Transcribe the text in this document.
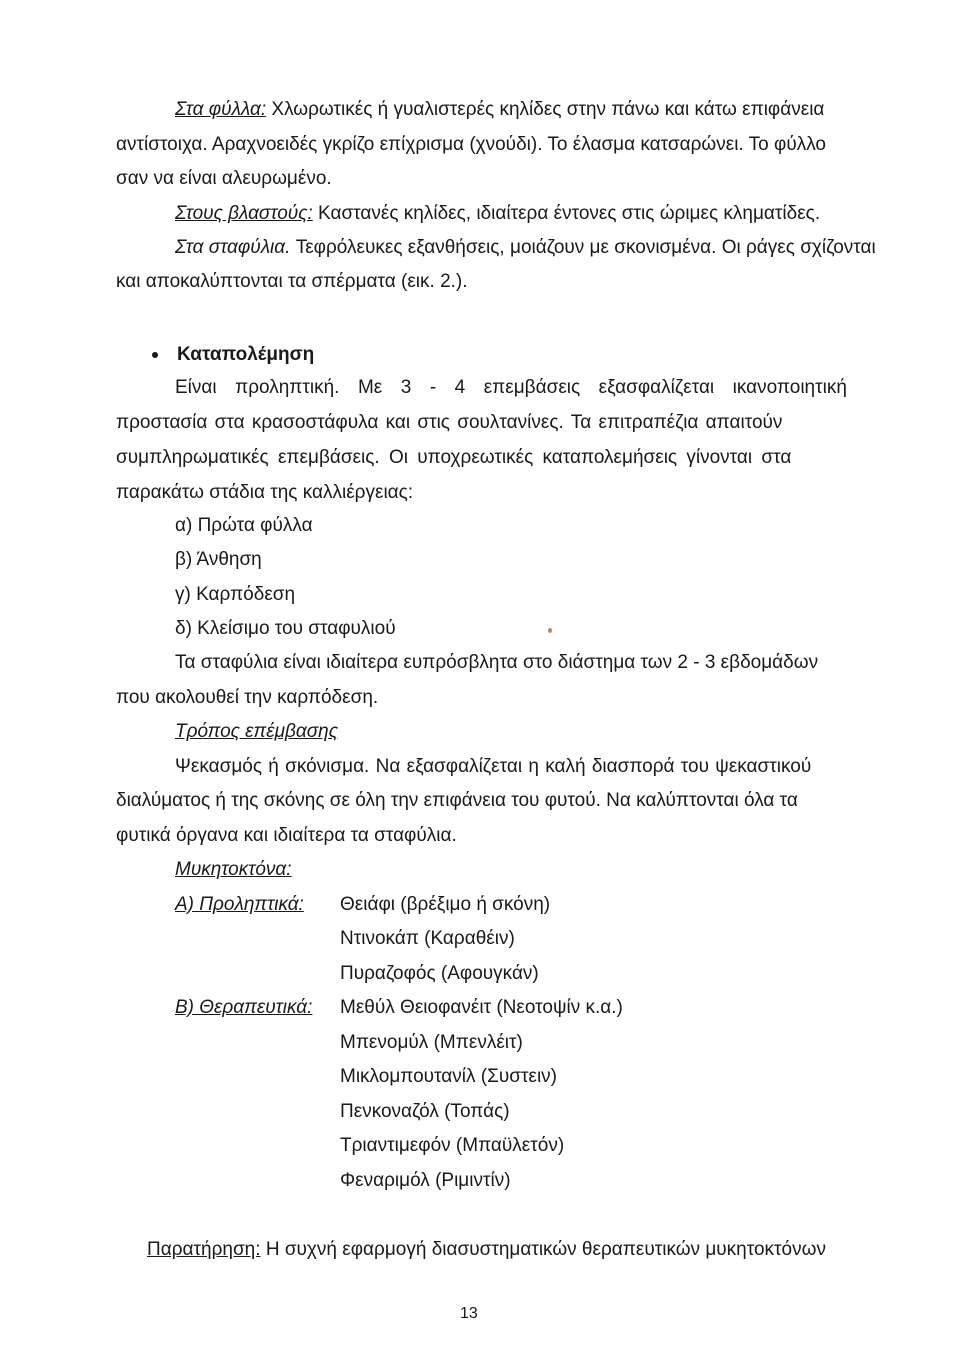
Στα φύλλα: Χλωρωτικές ή γυαλιστερές κηλίδες στην πάνω και κάτω επιφάνεια
αντίστοιχα. Αραχνοειδές γκρίζο επίχρισμα (χνούδι). Το έλασμα κατσαρώνει. Το φύλλο
σαν να είναι αλευρωμένο.
Στους βλαστούς: Καστανές κηλίδες, ιδιαίτερα έντονες στις ώριμες κληματίδες.
Στα σταφύλια. Τεφρόλευκες εξανθήσεις, μοιάζουν με σκονισμένα. Οι ράγες σχίζονται
και αποκαλύπτονται τα σπέρματα (εικ. 2.).
Καταπολέμηση
Είναι προληπτική. Με 3 - 4 επεμβάσεις εξασφαλίζεται ικανοποιητική
προστασία στα κρασοστάφυλα και στις σουλτανίνες. Τα επιτραπέζια απαιτούν
συμπληρωματικές επεμβάσεις. Οι υποχρεωτικές καταπολεμήσεις γίνονται στα
παρακάτω στάδια της καλλιέργειας:
α) Πρώτα φύλλα
β) Άνθηση
γ) Καρπόδεση
δ) Κλείσιμο του σταφυλιού
Τα σταφύλια είναι ιδιαίτερα ευπρόσβλητα στο διάστημα των 2 - 3 εβδομάδων
που ακολουθεί την καρπόδεση.
Τρόπος επέμβασης
Ψεκασμός ή σκόνισμα. Να εξασφαλίζεται η καλή διασπορά του ψεκαστικού
διαλύματος ή της σκόνης σε όλη την επιφάνεια του φυτού. Να καλύπτονται όλα τα
φυτικά όργανα και ιδιαίτερα τα σταφύλια.
Μυκητοκτόνα:
Α) Προληπτικά: Θειάφι (βρέξιμο ή σκόνη)
Ντινοκάπ (Καραθέιν)
Πυραζοφός (Αφουγκάν)
Β) Θεραπευτικά: Μεθύλ Θειοφανέιτ (Νεοτοψίν κ.α.)
Μπενομύλ (Μπενλέιτ)
Μικλομπουτανίλ (Συστειν)
Πενκοναζόλ (Τοπάς)
Τριαντιμεφόν (Μπαϋλετόν)
Φεναριμόλ (Ριμιντίν)
Παρατήρηση: Η συχνή εφαρμογή διασυστηματικών θεραπευτικών μυκητοκτόνων
13
